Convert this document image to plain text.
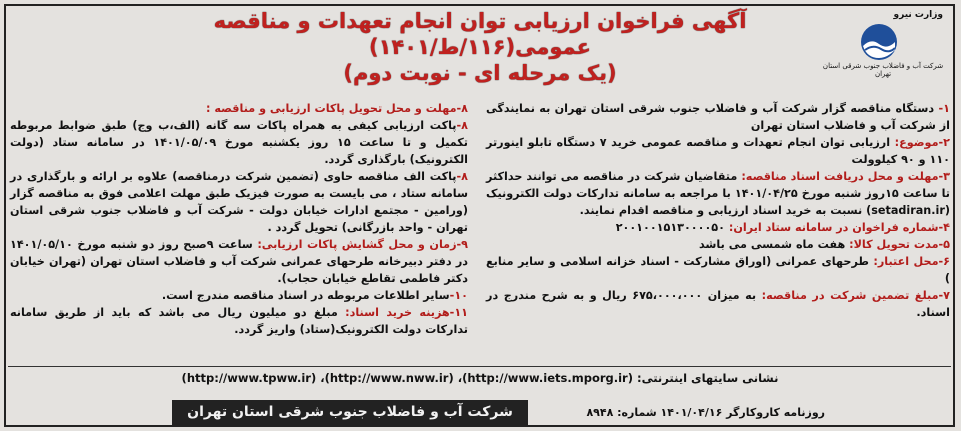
وزارت نیرو
شرکت آب و فاضلاب جنوب شرقی استان تهران
آگهی فراخوان ارزیابی توان انجام تعهدات و مناقصه عمومی(۱۱۶/ط/۱۴۰۱)
(یک مرحله ای - نوبت دوم)

۱- دستگاه مناقصه گزار شرکت آب و فاضلاب جنوب شرقی استان تهران به نمایندگی از شرکت آب و فاضلاب استان تهران

۲-موضوع: ارزیابی توان انجام تعهدات و مناقصه عمومی خرید ۷ دستگاه تابلو اینورتر ۱۱۰ و ۹۰ کیلوولت

۳-مهلت و محل دریافت اسناد مناقصه: متقاضیان شرکت در مناقصه می توانند حداکثر تا ساعت ۱۵روز شنبه مورخ ۱۴۰۱/۰۴/۲۵ با مراجعه به سامانه تدارکات دولت الکترونیک (setadiran.ir) نسبت به خرید اسناد ارزیابی و مناقصه اقدام نمایند.

۴-شماره فراخوان در سامانه ستاد ایران: ۲۰۰۱۰۰۱۵۱۳۰۰۰۰۵۰

۵-مدت تحویل کالا: هفت ماه شمسی می باشد

۶-محل اعتبار: طرحهای عمرانی (اوراق مشارکت - اسناد خزانه اسلامی و سایر منابع )

۷-مبلغ تضمین شرکت در مناقصه: به میزان ۶۷۵،۰۰۰،۰۰۰ ریال و به شرح مندرج در اسناد.

۸-مهلت و محل تحویل پاکات ارزیابی و مناقصه :

۸-پاکت ارزیابی کیفی به همراه پاکات سه گانه (الف،ب وج) طبق ضوابط مربوطه تکمیل و تا ساعت ۱۵ روز یکشنبه مورخ ۱۴۰۱/۰۵/۰۹ در سامانه ستاد (دولت الکترونیک) بارگذاری گردد.

۸-پاکت الف مناقصه حاوی (تضمین شرکت درمناقصه) علاوه بر ارائه و بارگذاری در سامانه ستاد ، می بایست به صورت فیزیک طبق مهلت اعلامی فوق به مناقصه گزار (ورامین - مجتمع ادارات خیابان دولت - شرکت آب و فاضلاب جنوب شرقی استان تهران - واحد بازرگانی) تحویل گردد .

۹-زمان و محل گشایش پاکات ارزیابی: ساعت ۹صبح روز دو شنبه مورخ ۱۴۰۱/۰۵/۱۰ در دفتر دبیرخانه طرحهای عمرانی شرکت آب و فاضلاب استان تهران (تهران خیابان دکتر فاطمی تقاطع خیابان حجاب).

۱۰-سایر اطلاعات مربوطه در اسناد مناقصه مندرج است.

۱۱-هزینه خرید اسناد: مبلغ دو میلیون ریال می باشد که باید از طریق سامانه تدارکات دولت الکترونیک(ستاد) واریز گردد.

نشانی سایتهای اینترنتی: (http://www.iets.mporg.ir)، (http://www.nww.ir)، (http://www.tpww.ir)
شرکت آب و فاضلاب جنوب شرقی استان تهران	روزنامه کاروکارگر ۱۴۰۱/۰۴/۱۶ شماره: ۸۹۴۸
